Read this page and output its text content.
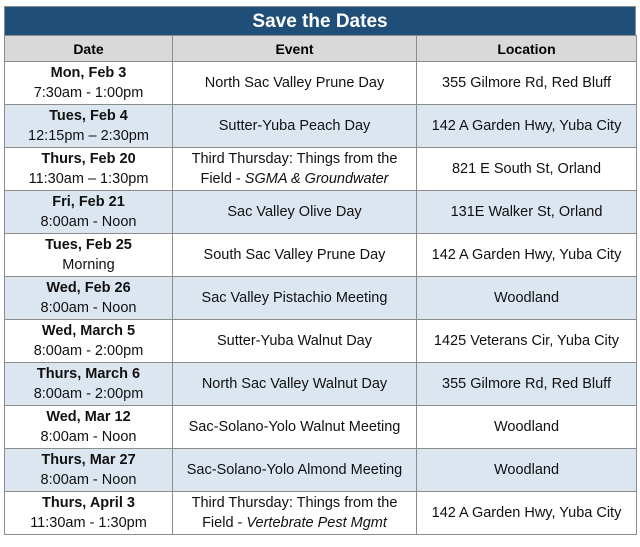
Save the Dates
Date	Event	Location

Mon, Feb 3
7:30am - 1:00pm	North Sac Valley Prune Day	355 Gilmore Rd, Red Bluff

Tues, Feb 4
12:15pm – 2:30pm	Sutter-Yuba Peach Day	142 A Garden Hwy, Yuba City

Thurs, Feb 20
11:30am – 1:30pm	Third Thursday: Things from the Field - SGMA & Groundwater	821 E South St, Orland

Fri, Feb 21
8:00am - Noon	Sac Valley Olive Day	131E Walker St, Orland

Tues, Feb 25
Morning	South Sac Valley Prune Day	142 A Garden Hwy, Yuba City

Wed, Feb 26
8:00am - Noon	Sac Valley Pistachio Meeting	Woodland

Wed, March 5
8:00am - 2:00pm	Sutter-Yuba Walnut Day	1425 Veterans Cir, Yuba City

Thurs, March 6
8:00am - 2:00pm	North Sac Valley Walnut Day	355 Gilmore Rd, Red Bluff

Wed, Mar 12
8:00am - Noon	Sac-Solano-Yolo Walnut Meeting	Woodland

Thurs, Mar 27
8:00am - Noon	Sac-Solano-Yolo Almond Meeting	Woodland

Thurs, April 3
11:30am - 1:30pm	Third Thursday: Things from the Field - Vertebrate Pest Mgmt	142 A Garden Hwy, Yuba City
